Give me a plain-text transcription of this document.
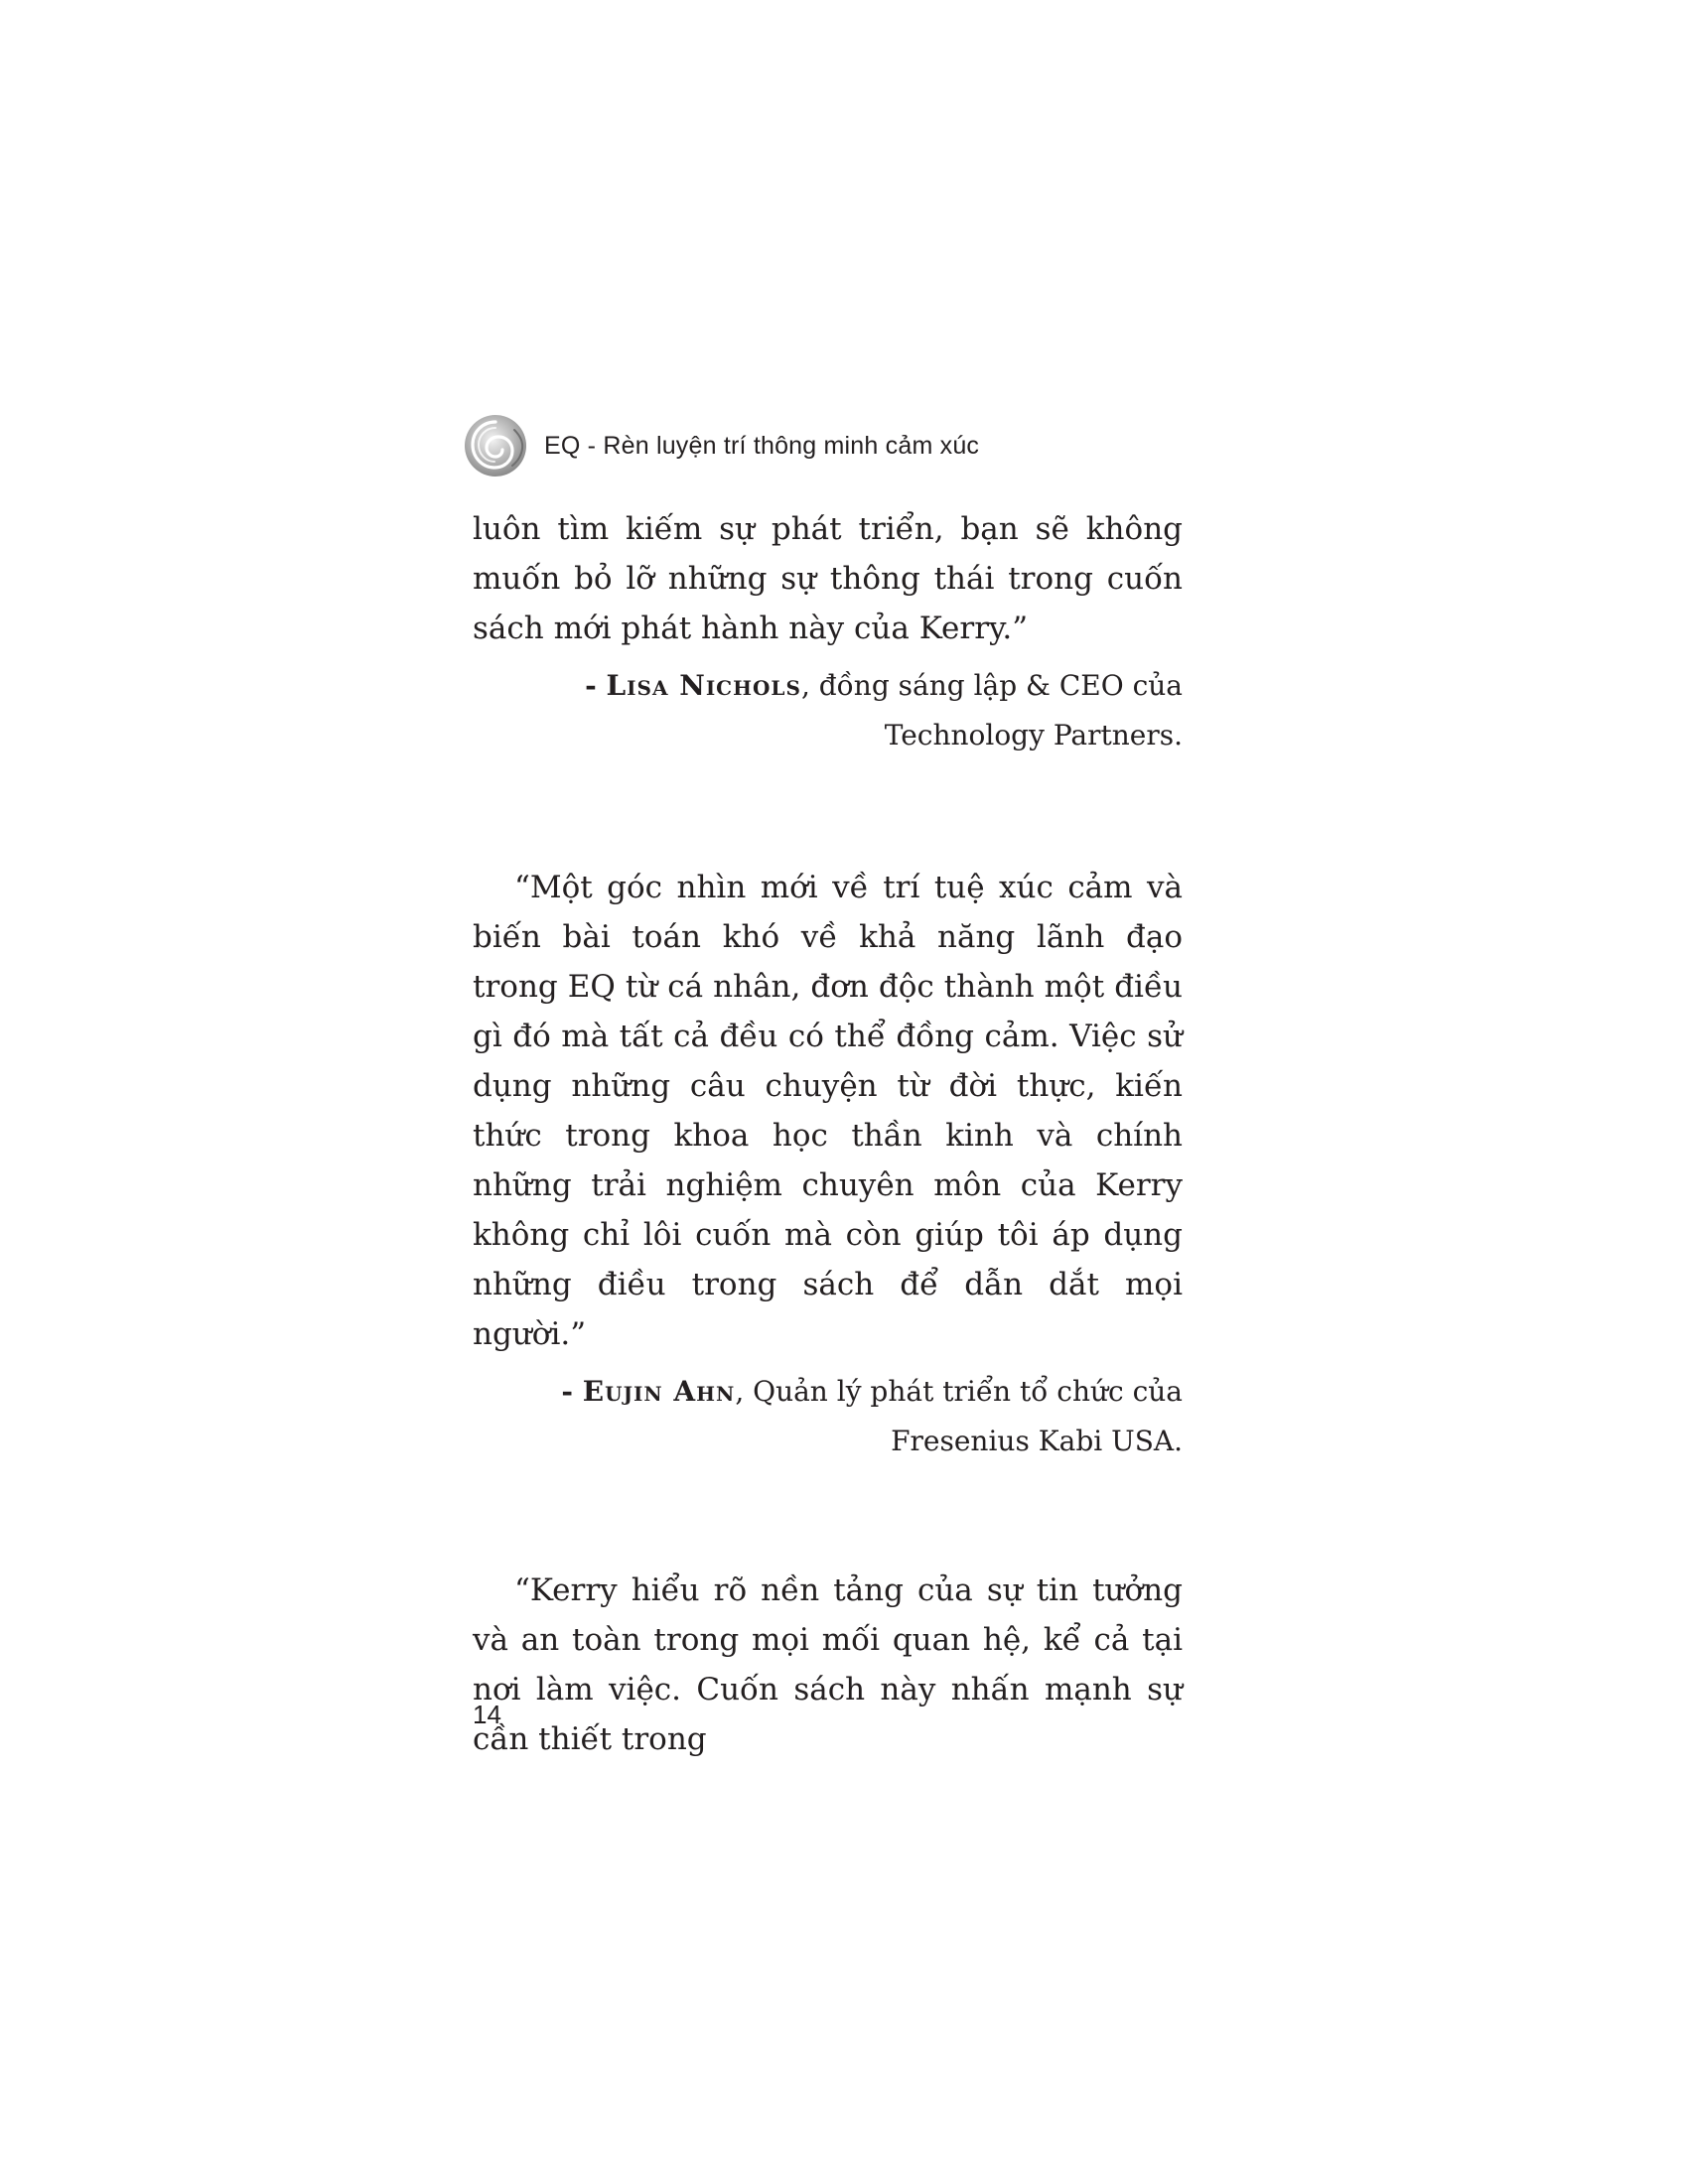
EQ - Rèn luyện trí thông minh cảm xúc

luôn tìm kiếm sự phát triển, bạn sẽ không muốn bỏ lỡ những sự thông thái trong cuốn sách mới phát hành này của Kerry.”

- Lisa Nichols, đồng sáng lập & CEO của
Technology Partners.

“Một góc nhìn mới về trí tuệ xúc cảm và biến bài toán khó về khả năng lãnh đạo trong EQ từ cá nhân, đơn độc thành một điều gì đó mà tất cả đều có thể đồng cảm. Việc sử dụng những câu chuyện từ đời thực, kiến thức trong khoa học thần kinh và chính những trải nghiệm chuyên môn của Kerry không chỉ lôi cuốn mà còn giúp tôi áp dụng những điều trong sách để dẫn dắt mọi người.”

- Eujin Ahn, Quản lý phát triển tổ chức của
Fresenius Kabi USA.

“Kerry hiểu rõ nền tảng của sự tin tưởng và an toàn trong mọi mối quan hệ, kể cả tại nơi làm việc. Cuốn sách này nhấn mạnh sự cần thiết trong

14
